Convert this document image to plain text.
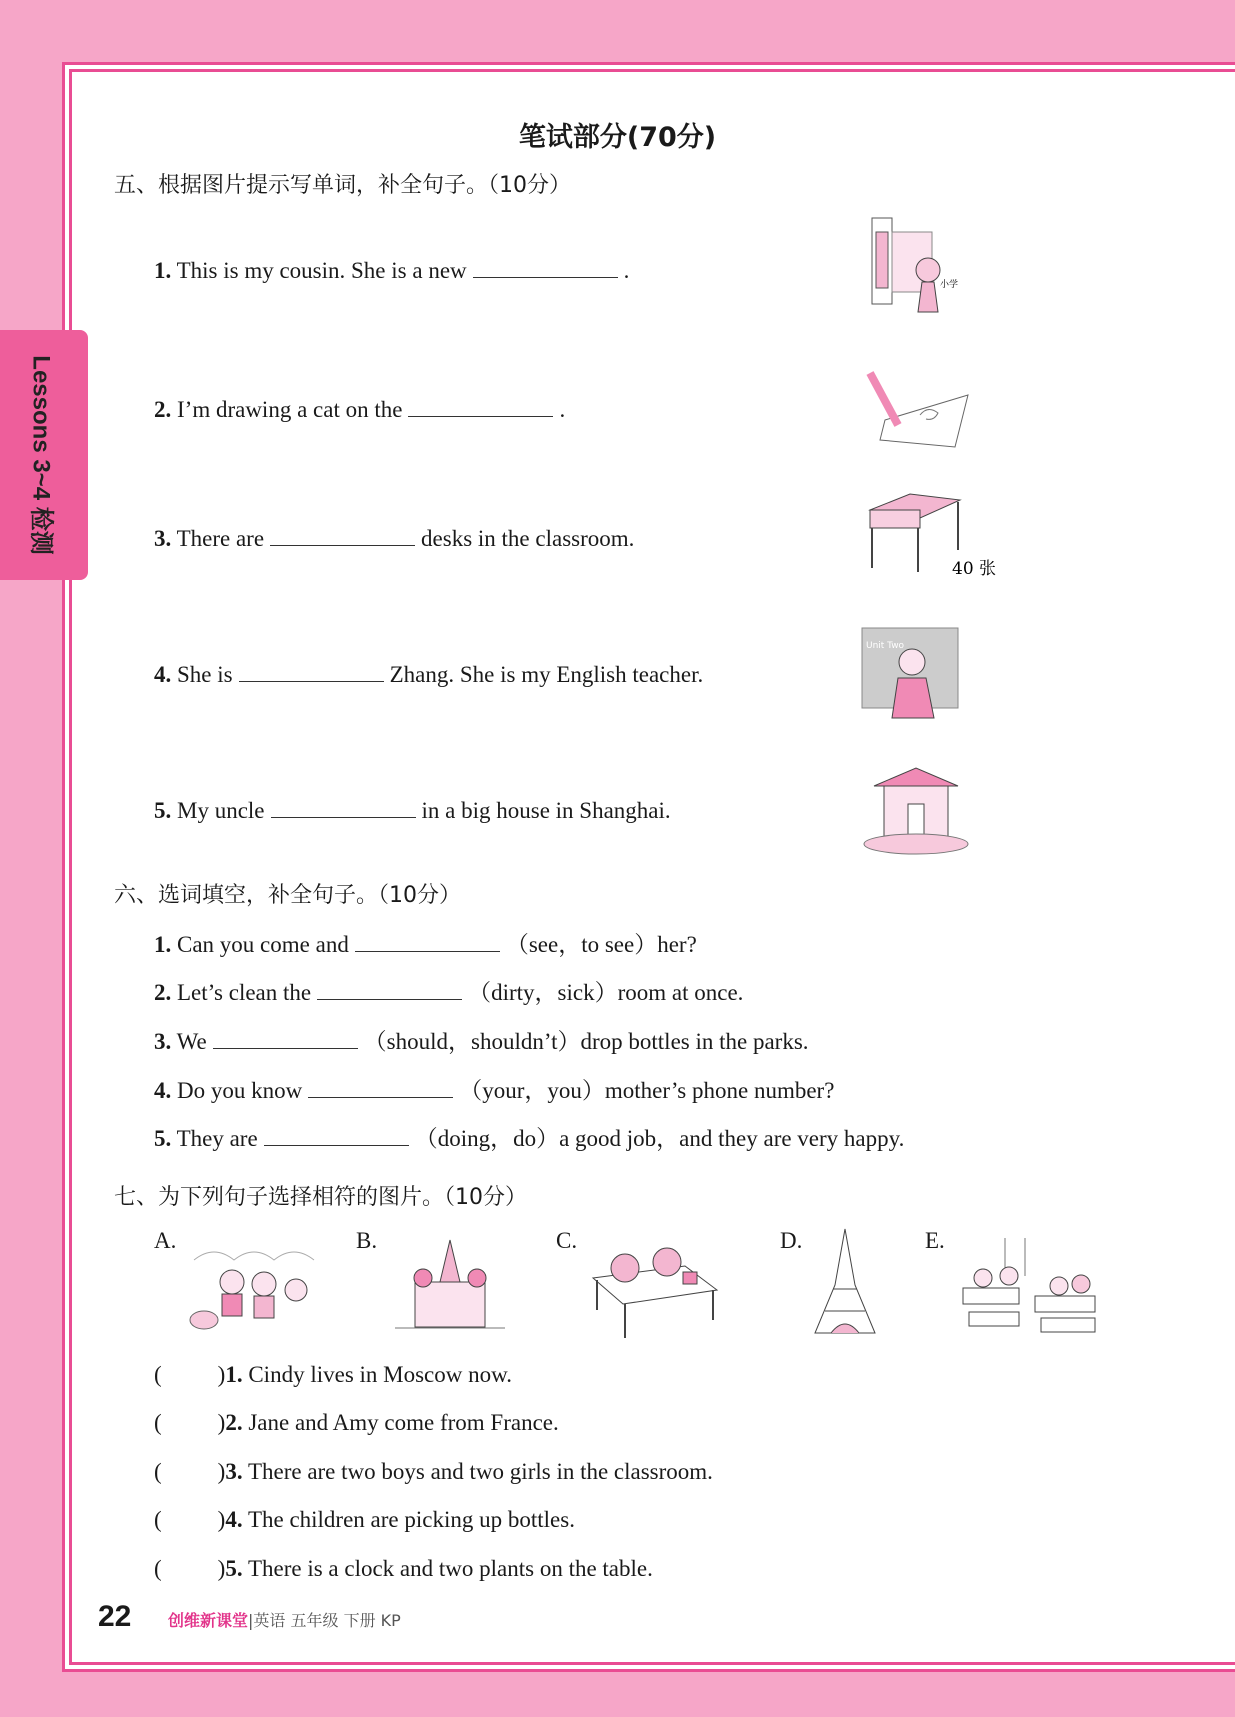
Lessons 3~4 检测
笔试部分(70分)
五、根据图片提示写单词，补全句子。（10分）
1. This is my cousin. She is a new	.
2. I’m drawing a cat on the	.
3. There are	desks in the classroom.
4. She is	Zhang. She is my English teacher.
5. My uncle	in a big house in Shanghai.
小学
40 张
Unit Two
六、选词填空，补全句子。（10分）
1. Can you come and	（see，to see）her?
2. Let’s clean the	（dirty，sick）room at once.
3. We	（should，shouldn’t）drop bottles in the parks.
4. Do you know	（your，you）mother’s phone number?
5. They are	（doing，do）a good job，and they are very happy.
七、为下列句子选择相符的图片。（10分）
A.	B.	C.	D.	E.
( )1. Cindy lives in Moscow now.
( )2. Jane and Amy come from France.
( )3. There are two boys and two girls in the classroom.
( )4. The children are picking up bottles.
( )5. There is a clock and two plants on the table.
22 创维新课堂|英语 五年级 下册 KP
